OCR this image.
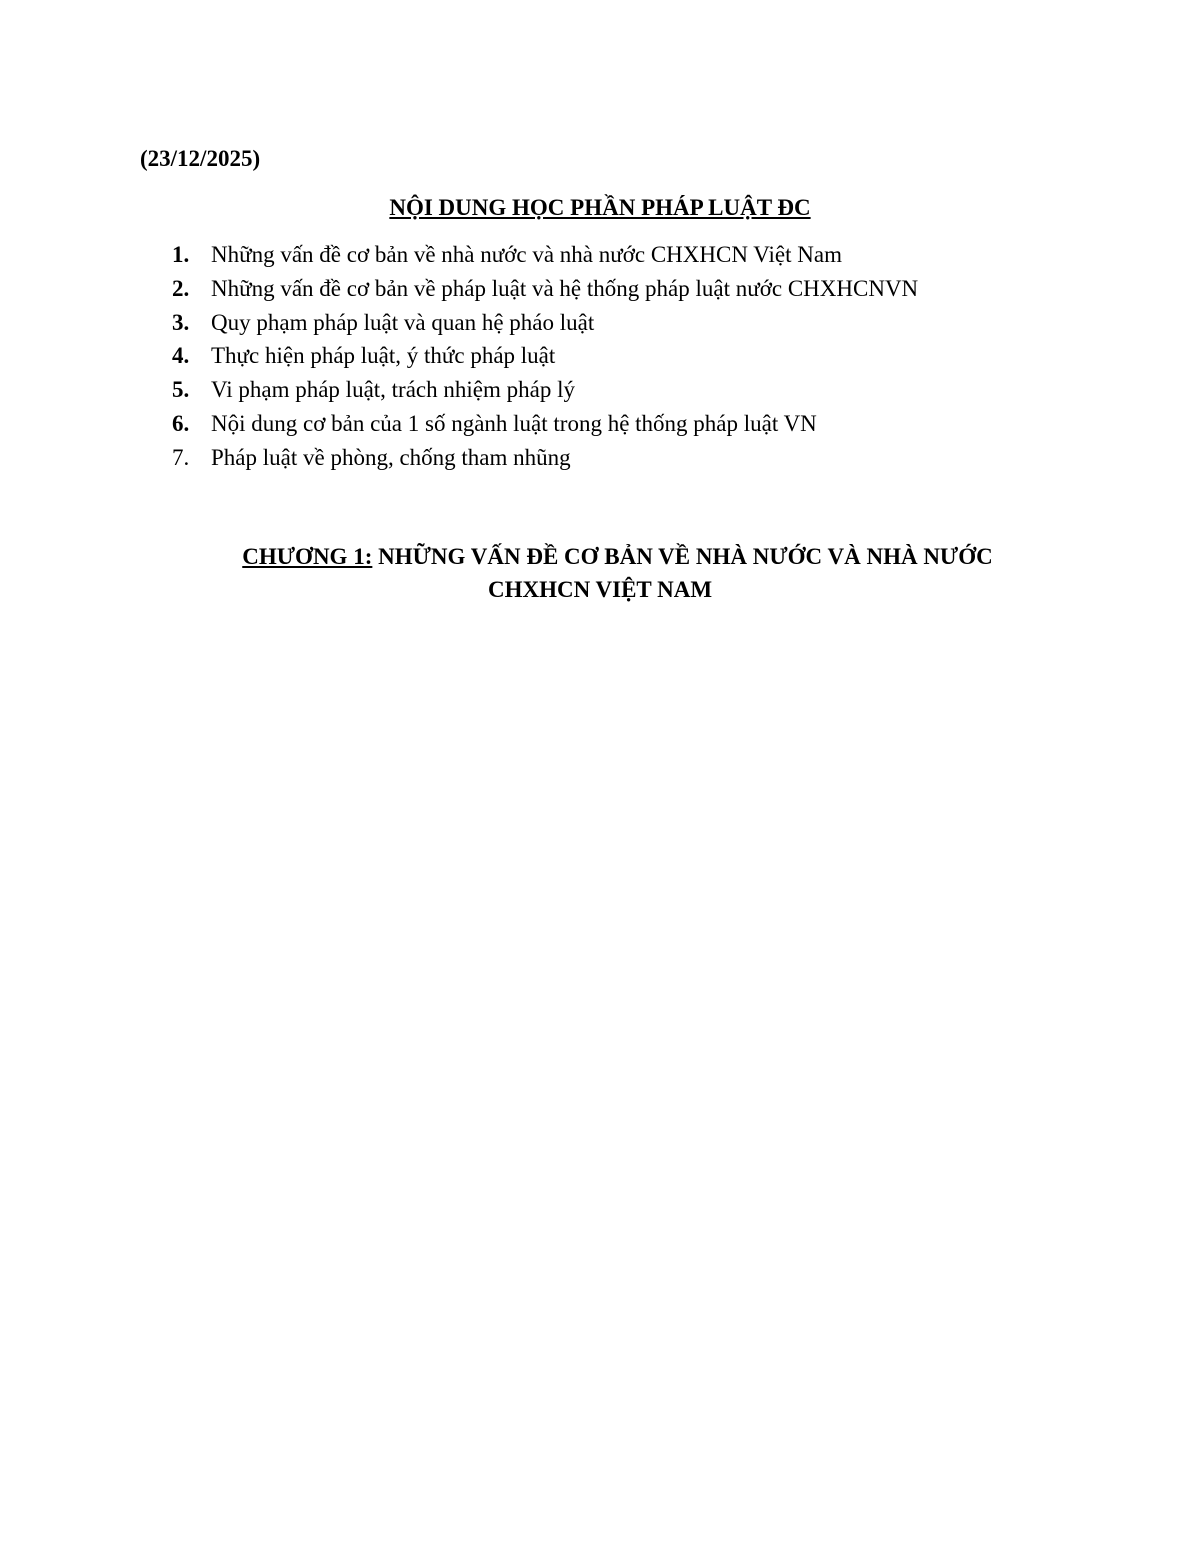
(23/12/2025)
NỘI DUNG HỌC PHẦN PHÁP LUẬT ĐC
1. Những vấn đề cơ bản về nhà nước và nhà nước CHXHCN Việt Nam
2. Những vấn đề cơ bản về pháp luật và hệ thống pháp luật nước CHXHCNVN
3. Quy phạm pháp luật và quan hệ pháo luật
4. Thực hiện pháp luật, ý thức pháp luật
5. Vi phạm pháp luật, trách nhiệm pháp lý
6. Nội dung cơ bản của 1 số ngành luật trong hệ thống pháp luật VN
7. Pháp luật về phòng, chống tham nhũng
CHƯƠNG 1: NHỮNG VẤN ĐỀ CƠ BẢN VỀ NHÀ NƯỚC VÀ NHÀ NƯỚC
CHXHCN VIỆT NAM
